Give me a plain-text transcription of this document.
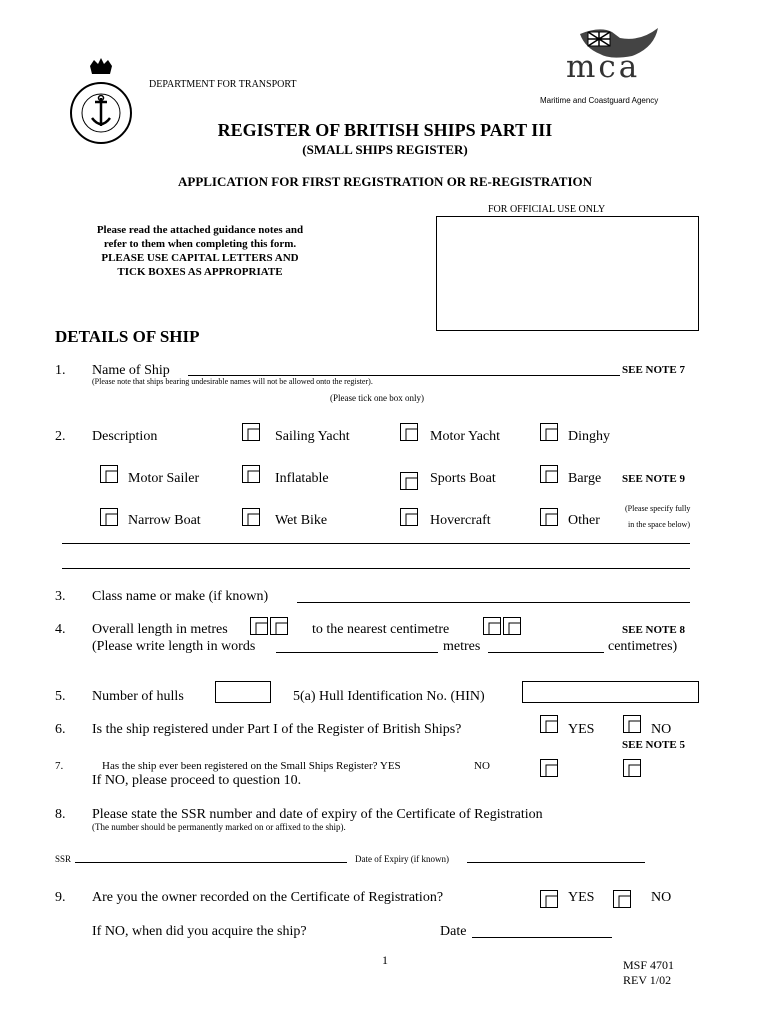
DEPARTMENT FOR TRANSPORT	mca
Maritime and Coastguard Agency
REGISTER OF BRITISH SHIPS PART III
(SMALL SHIPS REGISTER)
APPLICATION FOR FIRST REGISTRATION OR RE-REGISTRATION
FOR OFFICIAL USE ONLY
Please read the attached guidance notes and
refer to them when completing this form.
PLEASE USE CAPITAL LETTERS AND
TICK BOXES AS APPROPRIATE
DETAILS OF SHIP
1. Name of Ship	SEE NOTE 7
(Please note that ships bearing undesirable names will not be allowed onto the register).
(Please tick one box only)
2. Description	Sailing Yacht	Motor Yacht	Dinghy
Motor Sailer	Inflatable	Sports Boat	Barge SEE NOTE 9
Narrow Boat	Wet Bike	Hovercraft	Other
(Please specify fully
in the space below)
3. Class name or make (if known)
4. Overall length in metres	to the nearest centimetre	SEE NOTE 8
(Please write length in words	metres	centimetres)
5. Number of hulls	5(a) Hull Identification No. (HIN)
6. Is the ship registered under Part I of the Register of British Ships?	YES	NO
SEE NOTE 5
7.	Has the ship ever been registered on the Small Ships Register? YES	NO
If NO, please proceed to question 10.
8. Please state the SSR number and date of expiry of the Certificate of Registration
(The number should be permanently marked on or affixed to the ship).
SSR	Date of Expiry (if known)
9. Are you the owner recorded on the Certificate of Registration?	YES	NO
If NO, when did you acquire the ship?	Date
1	MSF 4701
REV 1/02
